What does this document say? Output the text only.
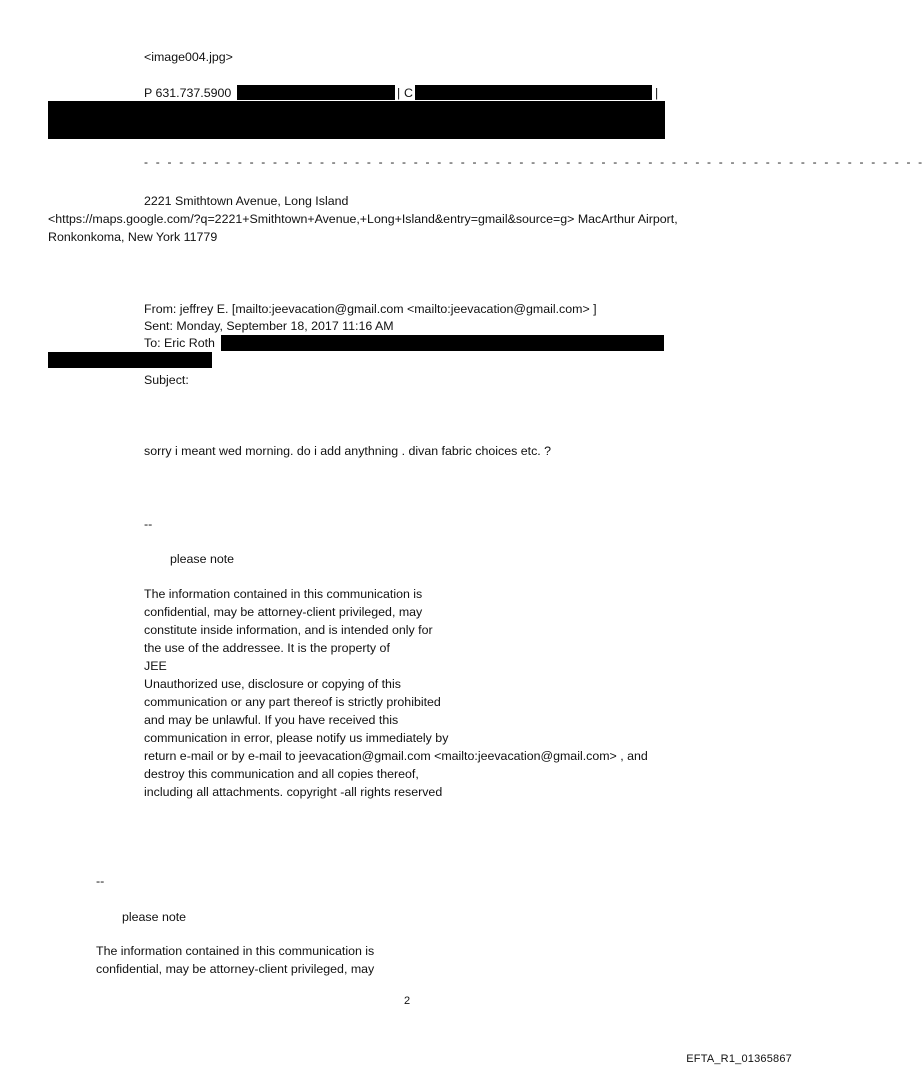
<image004.jpg>
P 631.737.5900	| C	|
- - - - - - - - - - - - - - - - - - - - - - - - - - - - - - - - - - - - - - - - - - - - - - - - - - - - - - - - - - - - - - - - - - -
2221 Smithtown Avenue, Long Island
<https://maps.google.com/?q=2221+Smithtown+Avenue,+Long+Island&entry=gmail&source=g> MacArthur Airport,
Ronkonkoma, New York 11779
From: jeffrey E. [mailto:jeevacation@gmail.com <mailto:jeevacation@gmail.com> ]
Sent: Monday, September 18, 2017 11:16 AM
To: Eric Roth
Subject:
sorry i meant wed morning. do i add anythning . divan fabric choices etc. ?
--
please note
The information contained in this communication is
confidential, may be attorney-client privileged, may
constitute inside information, and is intended only for
the use of the addressee. It is the property of
JEE
Unauthorized use, disclosure or copying of this
communication or any part thereof is strictly prohibited
and may be unlawful. If you have received this
communication in error, please notify us immediately by
return e-mail or by e-mail to jeevacation@gmail.com <mailto:jeevacation@gmail.com> , and
destroy this communication and all copies thereof,
including all attachments. copyright -all rights reserved
--
please note
The information contained in this communication is
confidential, may be attorney-client privileged, may
2
EFTA_R1_01365867
